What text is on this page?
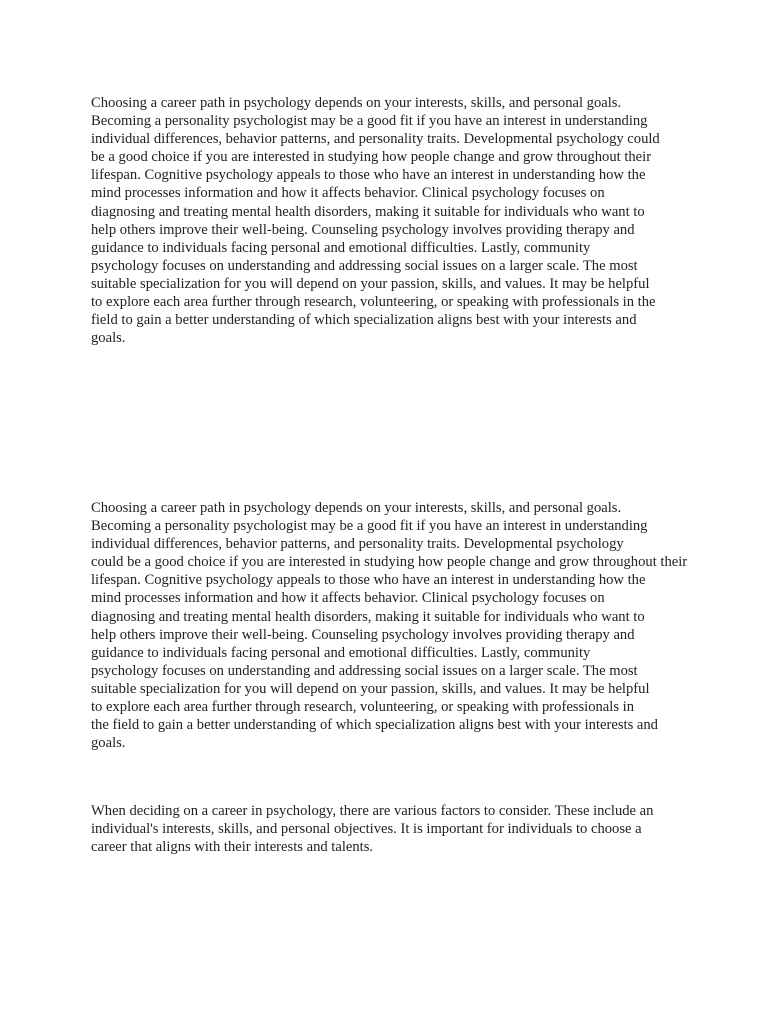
Choosing a career path in psychology depends on your interests, skills, and personal goals.
Becoming a personality psychologist may be a good fit if you have an interest in understanding
individual differences, behavior patterns, and personality traits. Developmental psychology could
be a good choice if you are interested in studying how people change and grow throughout their
lifespan. Cognitive psychology appeals to those who have an interest in understanding how the
mind processes information and how it affects behavior. Clinical psychology focuses on
diagnosing and treating mental health disorders, making it suitable for individuals who want to
help others improve their well-being. Counseling psychology involves providing therapy and
guidance to individuals facing personal and emotional difficulties. Lastly, community
psychology focuses on understanding and addressing social issues on a larger scale. The most
suitable specialization for you will depend on your passion, skills, and values. It may be helpful
to explore each area further through research, volunteering, or speaking with professionals in the
field to gain a better understanding of which specialization aligns best with your interests and
goals.

Choosing a career path in psychology depends on your interests, skills, and personal goals.
Becoming a personality psychologist may be a good fit if you have an interest in understanding
individual differences, behavior patterns, and personality traits. Developmental psychology
could be a good choice if you are interested in studying how people change and grow throughout their
lifespan. Cognitive psychology appeals to those who have an interest in understanding how the
mind processes information and how it affects behavior. Clinical psychology focuses on
diagnosing and treating mental health disorders, making it suitable for individuals who want to
help others improve their well-being. Counseling psychology involves providing therapy and
guidance to individuals facing personal and emotional difficulties. Lastly, community
psychology focuses on understanding and addressing social issues on a larger scale. The most
suitable specialization for you will depend on your passion, skills, and values. It may be helpful
to explore each area further through research, volunteering, or speaking with professionals in
the field to gain a better understanding of which specialization aligns best with your interests and
goals.

When deciding on a career in psychology, there are various factors to consider. These include an
individual's interests, skills, and personal objectives. It is important for individuals to choose a
career that aligns with their interests and talents.
